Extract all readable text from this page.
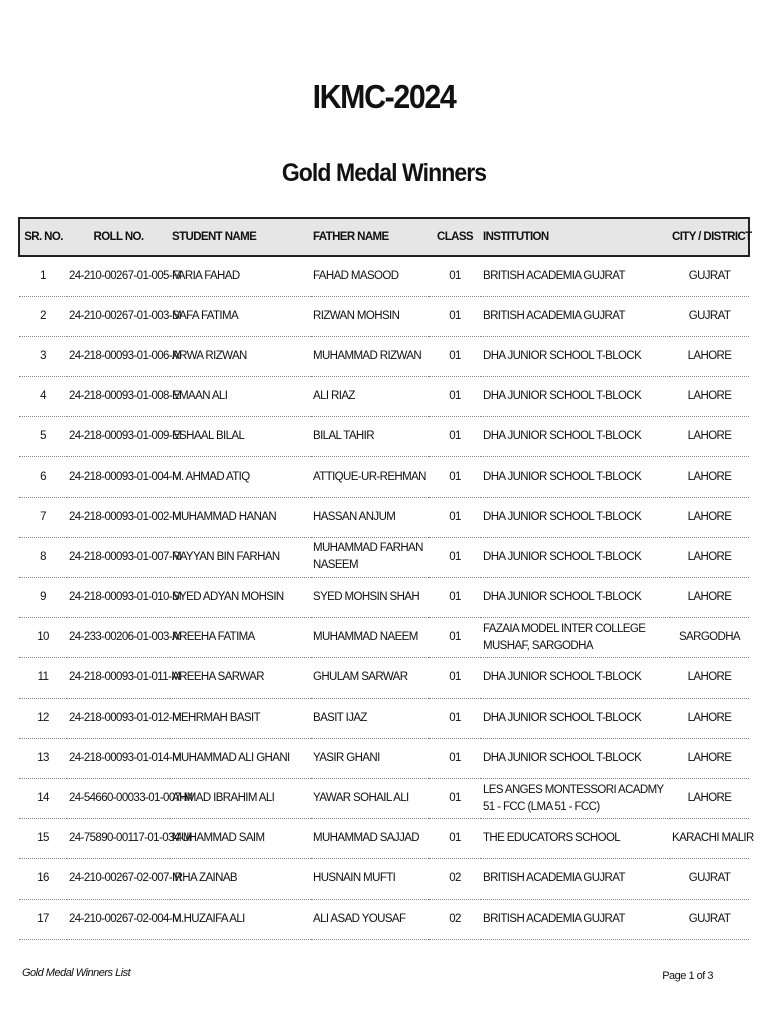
IKMC-2024
Gold Medal Winners
SR. NO.	ROLL NO.	STUDENT NAME	FATHER NAME	CLASS	INSTITUTION	CITY / DISTRICT
1	24-210-00267-01-005-M	FARIA FAHAD	FAHAD MASOOD	01	BRITISH ACADEMIA GUJRAT	GUJRAT
2	24-210-00267-01-003-M	SAFA FATIMA	RIZWAN MOHSIN	01	BRITISH ACADEMIA GUJRAT	GUJRAT
3	24-218-00093-01-006-M	ARWA RIZWAN	MUHAMMAD RIZWAN	01	DHA JUNIOR SCHOOL T-BLOCK	LAHORE
4	24-218-00093-01-008-M	EMAAN ALI	ALI RIAZ	01	DHA JUNIOR SCHOOL T-BLOCK	LAHORE
5	24-218-00093-01-009-M	ESHAAL BILAL	BILAL TAHIR	01	DHA JUNIOR SCHOOL T-BLOCK	LAHORE
6	24-218-00093-01-004-M	M. AHMAD ATIQ	ATTIQUE-UR-REHMAN	01	DHA JUNIOR SCHOOL T-BLOCK	LAHORE
7	24-218-00093-01-002-M	MUHAMMAD HANAN	HASSAN ANJUM	01	DHA JUNIOR SCHOOL T-BLOCK	LAHORE
8	24-218-00093-01-007-M	RAYYAN BIN FARHAN	MUHAMMAD FARHAN NASEEM	01	DHA JUNIOR SCHOOL T-BLOCK	LAHORE
9	24-218-00093-01-010-M	SYED ADYAN MOHSIN	SYED MOHSIN SHAH	01	DHA JUNIOR SCHOOL T-BLOCK	LAHORE
10	24-233-00206-01-003-M	AREEHA FATIMA	MUHAMMAD NAEEM	01	FAZAIA MODEL INTER COLLEGE MUSHAF, SARGODHA	SARGODHA
11	24-218-00093-01-011-M	AREEHA SARWAR	GHULAM SARWAR	01	DHA JUNIOR SCHOOL T-BLOCK	LAHORE
12	24-218-00093-01-012-M	MEHRMAH BASIT	BASIT IJAZ	01	DHA JUNIOR SCHOOL T-BLOCK	LAHORE
13	24-218-00093-01-014-M	MUHAMMAD ALI GHANI	YASIR GHANI	01	DHA JUNIOR SCHOOL T-BLOCK	LAHORE
14	24-54660-00033-01-007-M	AHMAD IBRAHIM ALI	YAWAR SOHAIL ALI	01	LES ANGES MONTESSORI ACADMY 51 - FCC (LMA 51 - FCC)	LAHORE
15	24-75890-00117-01-034-M	MUHAMMAD SAIM	MUHAMMAD SAJJAD	01	THE EDUCATORS SCHOOL	KARACHI MALIR
16	24-210-00267-02-007-M	IRHA ZAINAB	HUSNAIN MUFTI	02	BRITISH ACADEMIA GUJRAT	GUJRAT
17	24-210-00267-02-004-M	M.HUZAIFA ALI	ALI ASAD YOUSAF	02	BRITISH ACADEMIA GUJRAT	GUJRAT
Gold Medal Winners List	Page 1 of 3
